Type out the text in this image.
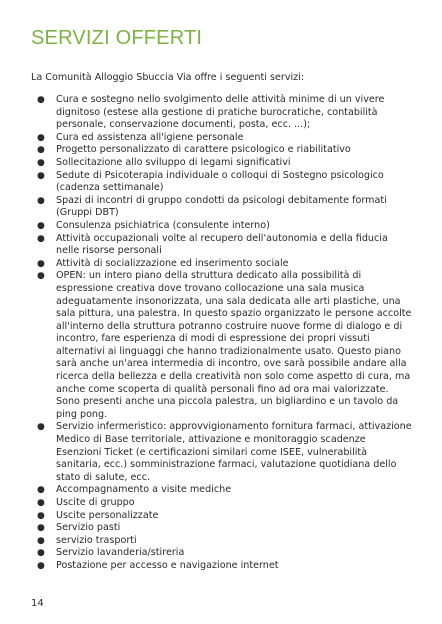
SERVIZI OFFERTI

La Comunità Alloggio Sbuccia Via offre i seguenti servizi:

● Cura e sostegno nello svolgimento delle attività minime di un vivere dignitoso (estese alla gestione di pratiche burocratiche, contabilità personale, conservazione documenti, posta, ecc. ...);
● Cura ed assistenza all'igiene personale
● Progetto personalizzato di carattere psicologico e riabilitativo
● Sollecitazione allo sviluppo di legami significativi
● Sedute di Psicoterapia individuale o colloqui di Sostegno psicologico (cadenza settimanale)
● Spazi di incontri di gruppo condotti da psicologi debitamente formati (Gruppi DBT)
● Consulenza psichiatrica (consulente interno)
● Attività occupazionali volte al recupero dell'autonomia e della fiducia nelle risorse personali
● Attività di socializzazione ed inserimento sociale
● OPEN: un intero piano della struttura dedicato alla possibilità di espressione creativa dove trovano collocazione una sala musica adeguatamente insonorizzata, una sala dedicata alle arti plastiche, una sala pittura, una palestra. In questo spazio organizzato le persone accolte all'interno della struttura potranno costruire nuove forme di dialogo e di incontro, fare esperienza di modi di espressione dei propri vissuti alternativi ai linguaggi che hanno tradizionalmente usato. Questo piano sarà anche un'area intermedia di incontro, ove sarà possibile andare alla ricerca della bellezza e della creatività non solo come aspetto di cura, ma anche come scoperta di qualità personali fino ad ora mai valorizzate. Sono presenti anche una piccola palestra, un bigliardino e un tavolo da ping pong.
● Servizio infermeristico: approvvigionamento fornitura farmaci, attivazione Medico di Base territoriale, attivazione e monitoraggio scadenze Esenzioni Ticket (e certificazioni similari come ISEE, vulnerabilità sanitaria, ecc.) somministrazione farmaci, valutazione quotidiana dello stato di salute, ecc.
● Accompagnamento a visite mediche
● Uscite di gruppo
● Uscite personalizzate
● Servizio pasti
● servizio trasporti
● Servizio lavanderia/stireria
● Postazione per accesso e navigazione internet
14
